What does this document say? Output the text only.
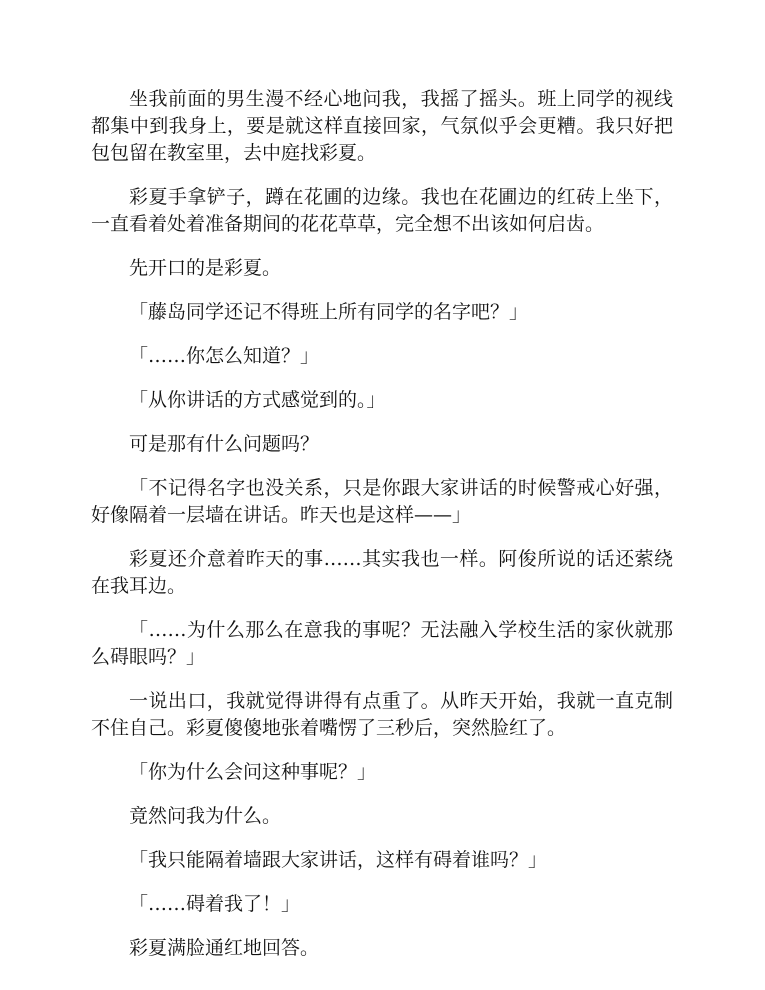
坐我前面的男生漫不经心地问我，我摇了摇头。班上同学的视线都集中到我身上，要是就这样直接回家，气氛似乎会更糟。我只好把包包留在教室里，去中庭找彩夏。

彩夏手拿铲子，蹲在花圃的边缘。我也在花圃边的红砖上坐下，一直看着处着准备期间的花花草草，完全想不出该如何启齿。

先开口的是彩夏。

「藤岛同学还记不得班上所有同学的名字吧？」

「……你怎么知道？」

「从你讲话的方式感觉到的。」

可是那有什么问题吗？

「不记得名字也没关系，只是你跟大家讲话的时候警戒心好强，好像隔着一层墙在讲话。昨天也是这样——」

彩夏还介意着昨天的事……其实我也一样。阿俊所说的话还萦绕在我耳边。

「……为什么那么在意我的事呢？无法融入学校生活的家伙就那么碍眼吗？」

一说出口，我就觉得讲得有点重了。从昨天开始，我就一直克制不住自己。彩夏傻傻地张着嘴愣了三秒后，突然脸红了。

「你为什么会问这种事呢？」

竟然问我为什么。

「我只能隔着墙跟大家讲话，这样有碍着谁吗？」

「……碍着我了！」

彩夏满脸通红地回答。
